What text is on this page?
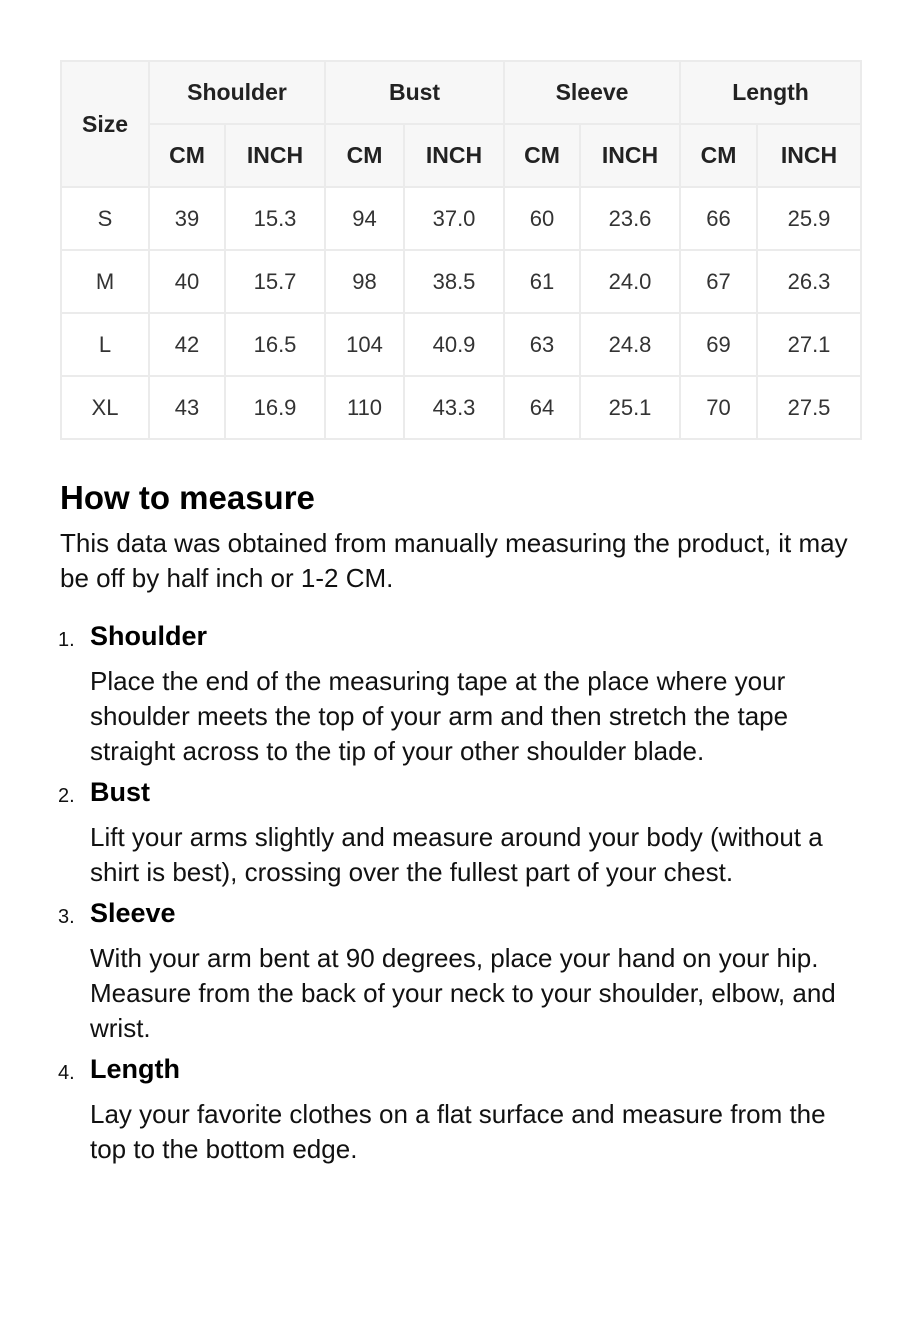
Size	Shoulder		Bust		Sleeve		Length	
	CM	INCH	CM	INCH	CM	INCH	CM	INCH
S	39	15.3	94	37.0	60	23.6	66	25.9
M	40	15.7	98	38.5	61	24.0	67	26.3
L	42	16.5	104	40.9	63	24.8	69	27.1
XL	43	16.9	110	43.3	64	25.1	70	27.5
How to measure

This data was obtained from manually measuring the product, it may be off by half inch or 1-2 CM.

1. Shoulder
Place the end of the measuring tape at the place where your shoulder meets the top of your arm and then stretch the tape straight across to the tip of your other shoulder blade.
2. Bust
Lift your arms slightly and measure around your body (without a shirt is best), crossing over the fullest part of your chest.
3. Sleeve
With your arm bent at 90 degrees, place your hand on your hip. Measure from the back of your neck to your shoulder, elbow, and wrist.
4. Length
Lay your favorite clothes on a flat surface and measure from the top to the bottom edge.
